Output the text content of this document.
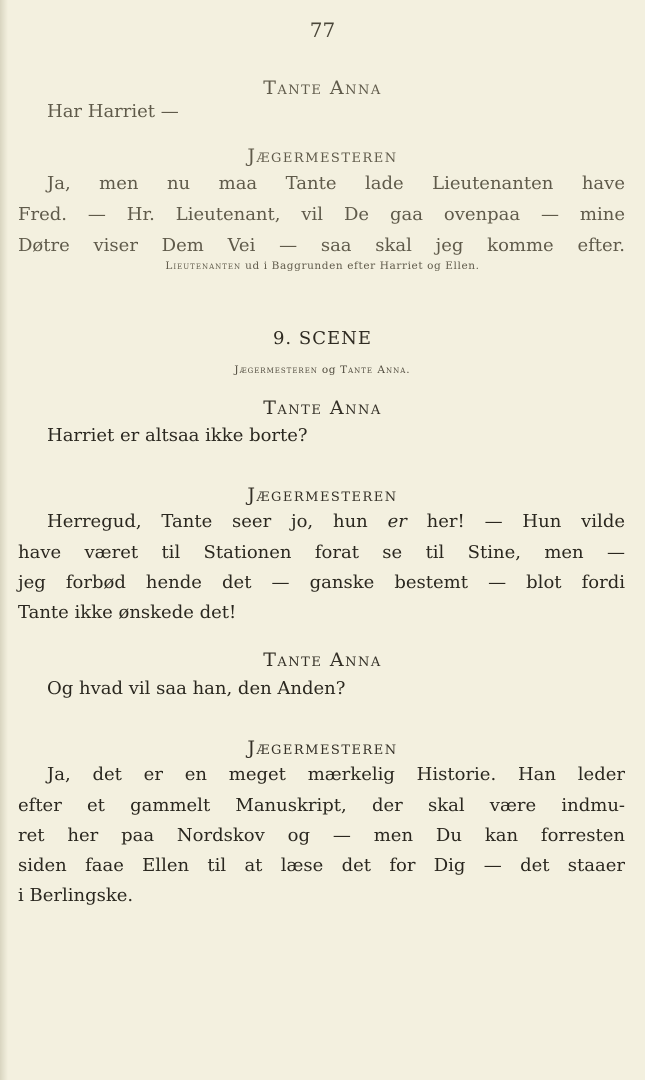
77
Tante Anna
Har Harriet —
Jægermesteren
Ja, men nu maa Tante lade Lieutenanten have
Fred. — Hr. Lieutenant, vil De gaa ovenpaa — mine
Døtre viser Dem Vei — saa skal jeg komme efter.
Lieutenanten ud i Baggrunden efter Harriet og Ellen.
9. SCENE
Jægermesteren og Tante Anna.
Tante Anna
Harriet er altsaa ikke borte?
Jægermesteren
Herregud, Tante seer jo, hun er her! — Hun vilde
have været til Stationen forat se til Stine, men —
jeg forbød hende det — ganske bestemt — blot fordi
Tante ikke ønskede det!
Tante Anna
Og hvad vil saa han, den Anden?
Jægermesteren
Ja, det er en meget mærkelig Historie. Han leder
efter et gammelt Manuskript, der skal være indmu-
ret her paa Nordskov og — men Du kan forresten
siden faae Ellen til at læse det for Dig — det staaer
i Berlingske.
